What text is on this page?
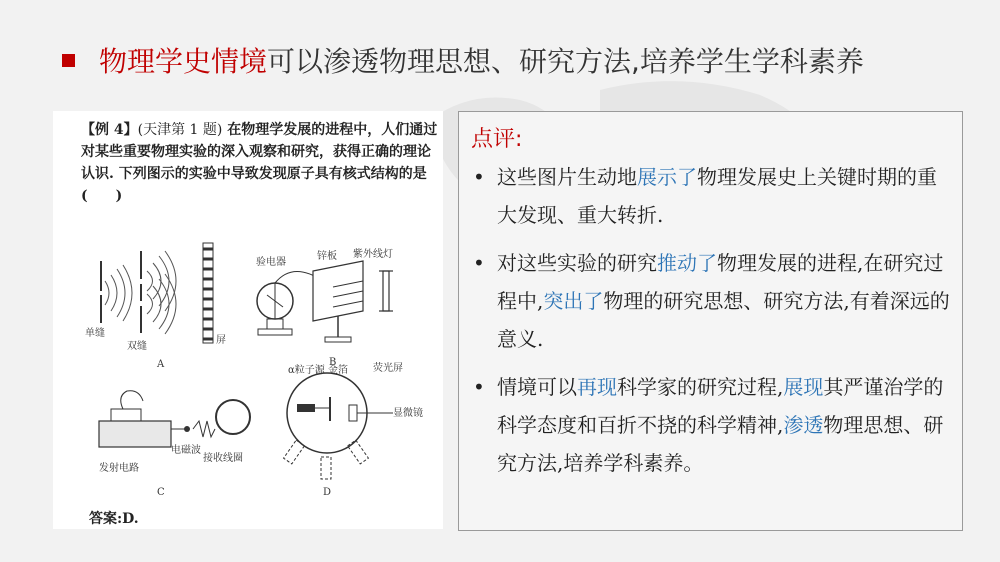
物理学史情境可以渗透物理思想、研究方法,培养学生学科素养
【例 4】(天津第 1 题) 在物理学发展的进程中，人们通过对某些重要物理实验的深入观察和研究，获得正确的理论认识. 下列图示的实验中导致发现原子具有核式结构的是(　　)
单缝
双缝
屏
A
验电器
锌板 紫外线灯
B
发射电路
电磁波
接收线圈
C
α粒子源 金箔	荧光屏
显微镜
D
答案:D.
点评:
• 这些图片生动地展示了物理发展史上关键时期的重大发现、重大转折.
• 对这些实验的研究推动了物理发展的进程,在研究过程中,突出了物理的研究思想、研究方法,有着深远的意义.
• 情境可以再现科学家的研究过程,展现其严谨治学的科学态度和百折不挠的科学精神,渗透物理思想、研究方法,培养学科素养。
